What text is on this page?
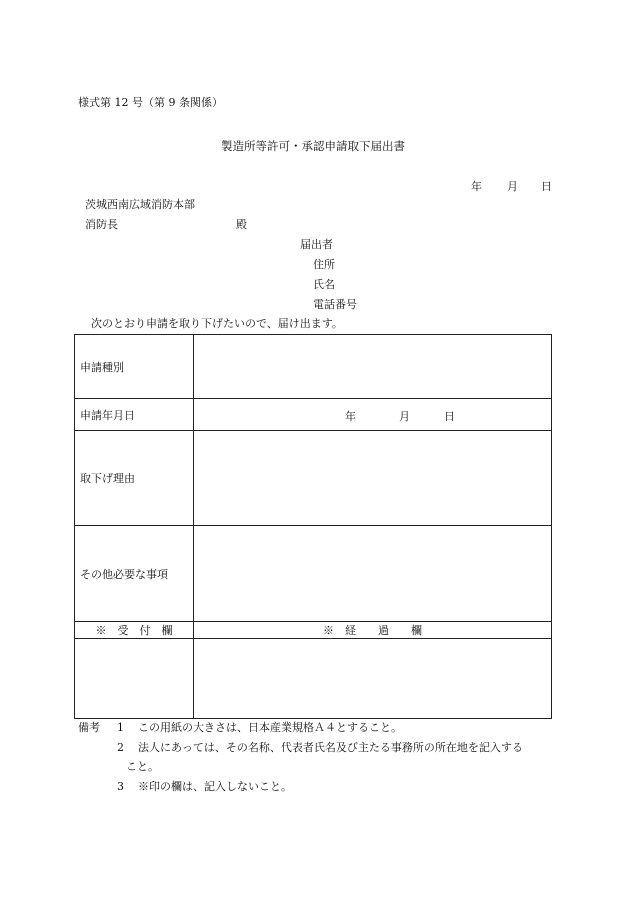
様式第 12 号（第 9 条関係）
製造所等許可・承認申請取下届出書
年 月 日
茨城西南広域消防本部
消防長	殿
届出者
住所
氏名
電話番号
次のとおり申請を取り下げたいので、届け出ます。
申請種別	
申請年月日	年 月 日

取下げ理由	
その他必要な事項	
※　受　付　欄	※　経　　過　　欄

備考 1 この用紙の大きさは、日本産業規格Ａ４とすること。
2 法人にあっては、その名称、代表者氏名及び主たる事務所の所在地を記入する
こと。
3 ※印の欄は、記入しないこと。
